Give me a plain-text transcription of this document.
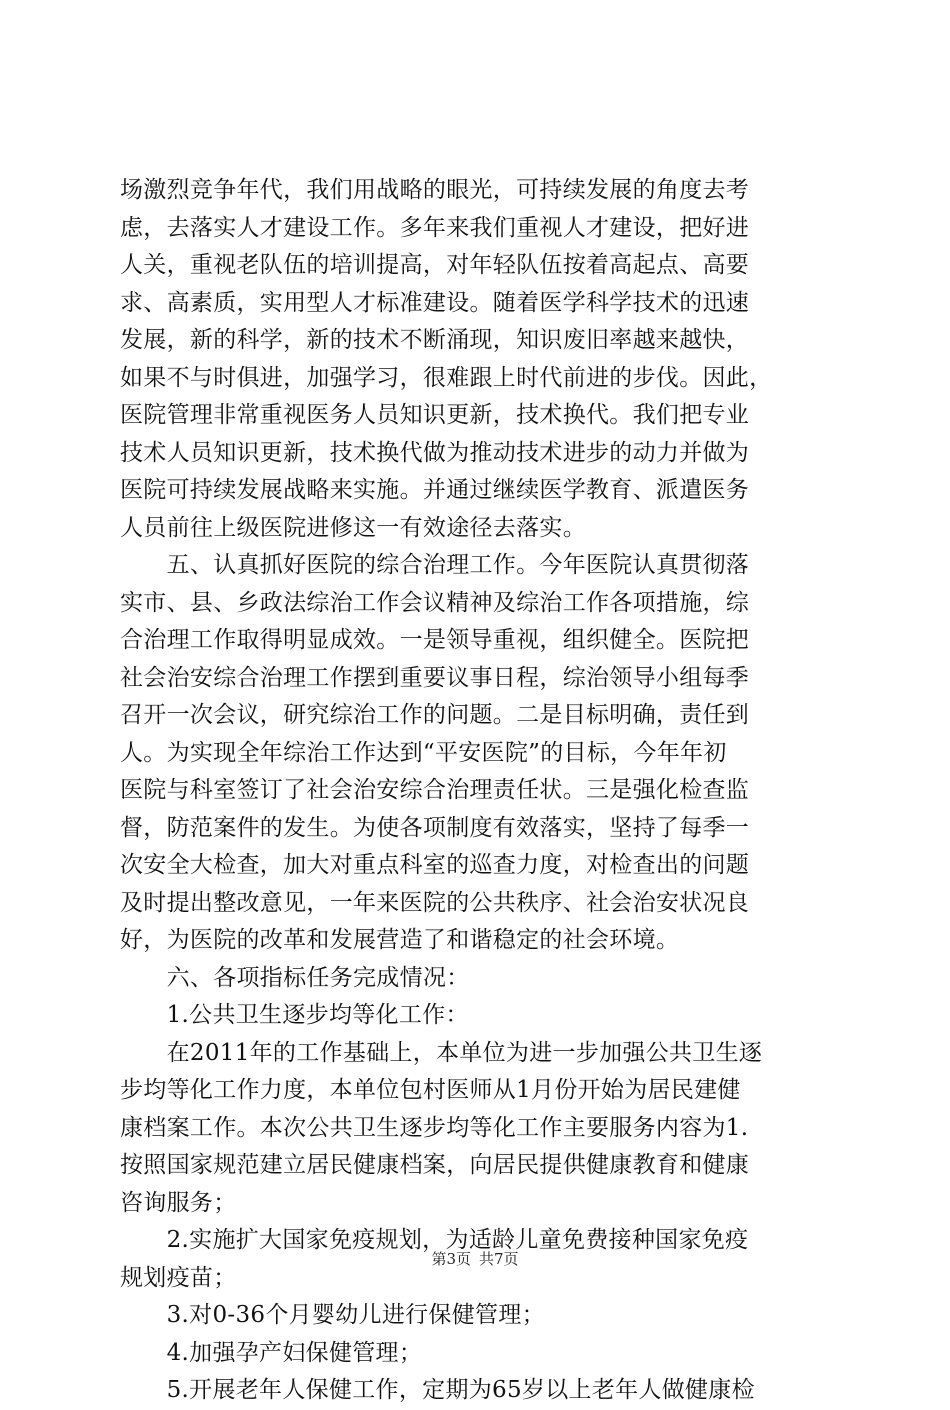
场激烈竞争年代，我们用战略的眼光，可持续发展的角度去考
虑，去落实人才建设工作。多年来我们重视人才建设，把好进
人关，重视老队伍的培训提高，对年轻队伍按着高起点、高要
求、高素质，实用型人才标准建设。随着医学科学技术的迅速
发展，新的科学，新的技术不断涌现，知识废旧率越来越快，
如果不与时俱进，加强学习，很难跟上时代前进的步伐。因此，
医院管理非常重视医务人员知识更新，技术换代。我们把专业
技术人员知识更新，技术换代做为推动技术进步的动力并做为
医院可持续发展战略来实施。并通过继续医学教育、派遣医务
人员前往上级医院进修这一有效途径去落实。
　　五、认真抓好医院的综合治理工作。今年医院认真贯彻落
实市、县、乡政法综治工作会议精神及综治工作各项措施，综
合治理工作取得明显成效。一是领导重视，组织健全。医院把
社会治安综合治理工作摆到重要议事日程，综治领导小组每季
召开一次会议，研究综治工作的问题。二是目标明确，责任到
人。为实现全年综治工作达到“平安医院”的目标，今年年初
医院与科室签订了社会治安综合治理责任状。三是强化检查监
督，防范案件的发生。为使各项制度有效落实，坚持了每季一
次安全大检查，加大对重点科室的巡查力度，对检查出的问题
及时提出整改意见，一年来医院的公共秩序、社会治安状况良
好，为医院的改革和发展营造了和谐稳定的社会环境。
　　六、各项指标任务完成情况：
　　1.公共卫生逐步均等化工作：
　　在2011年的工作基础上，本单位为进一步加强公共卫生逐
步均等化工作力度，本单位包村医师从1月份开始为居民建健
康档案工作。本次公共卫生逐步均等化工作主要服务内容为1.
按照国家规范建立居民健康档案，向居民提供健康教育和健康
咨询服务；
　　2.实施扩大国家免疫规划，为适龄儿童免费接种国家免疫
规划疫苗；
　　3.对0-36个月婴幼儿进行保健管理；
　　4.加强孕产妇保健管理；
　　5.开展老年人保健工作，定期为65岁以上老年人做健康检
第3页 共7页
